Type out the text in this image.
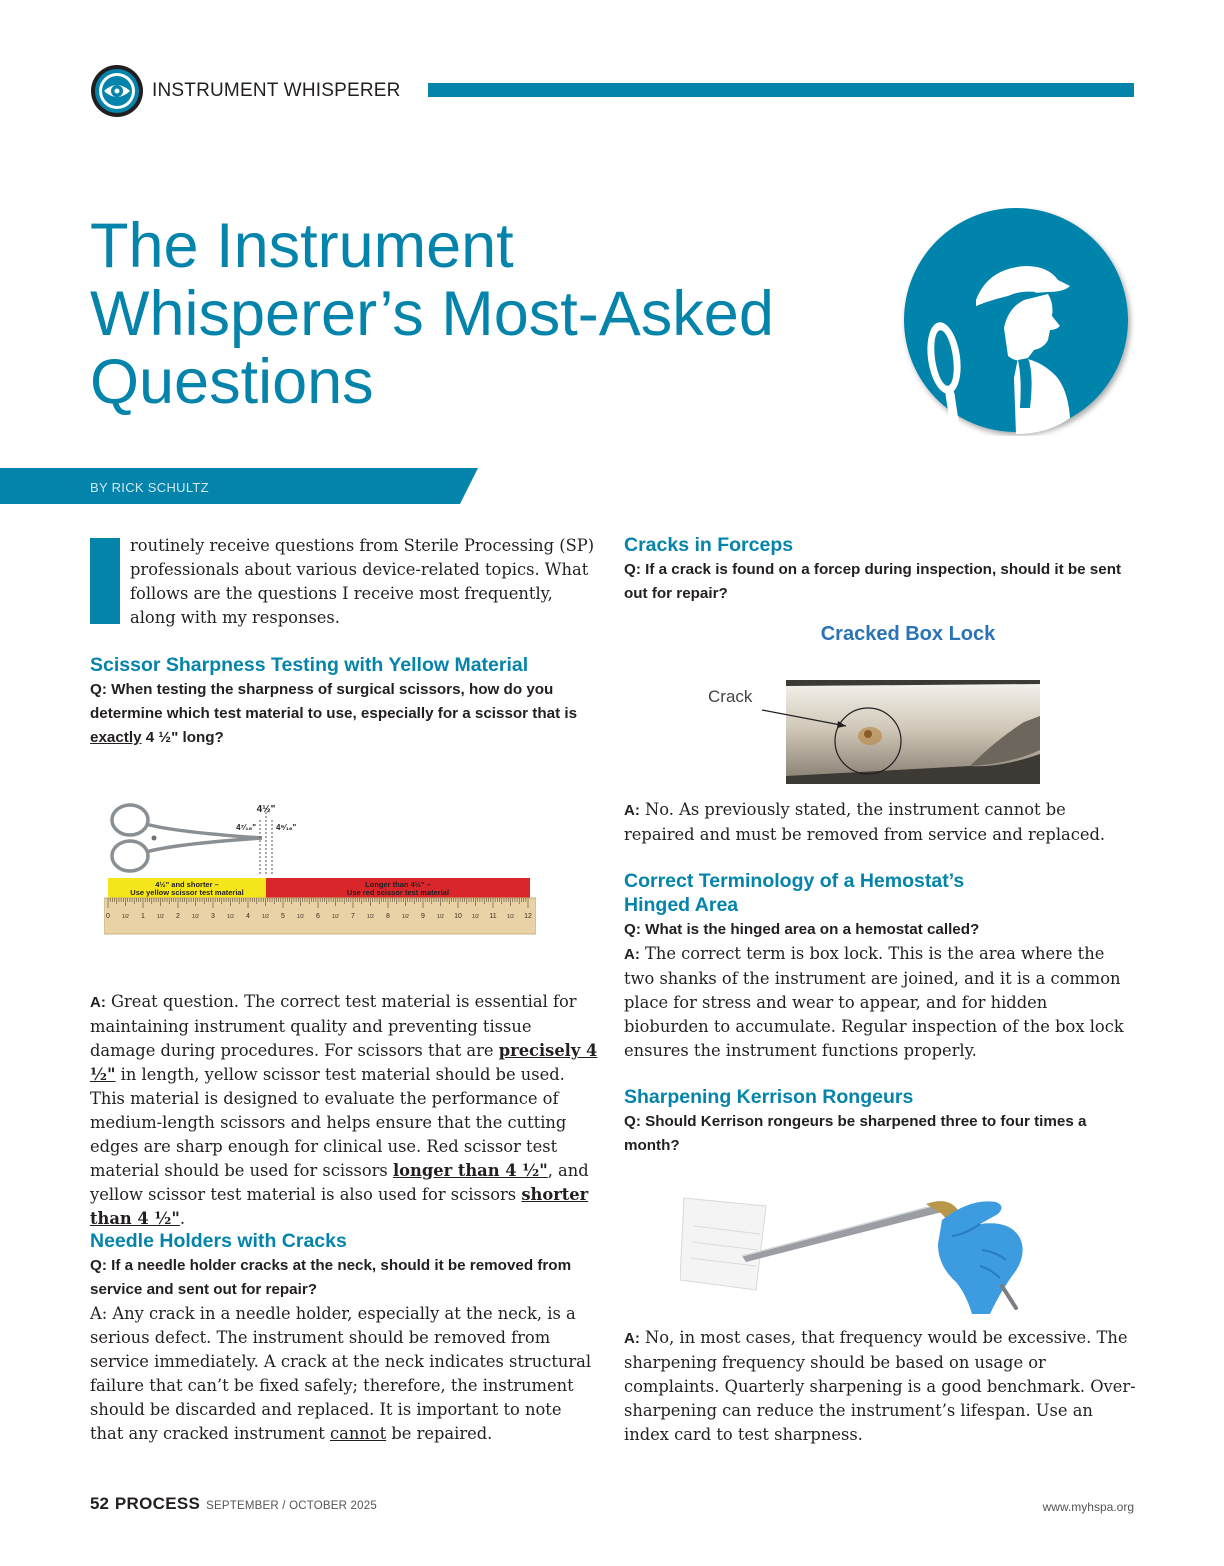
INSTRUMENT WHISPERER
The Instrument
Whisperer’s Most-Asked
Questions
BY RICK SCHULTZ

routinely receive questions from Sterile Processing (SP) professionals about various device-related topics. What follows are the questions I receive most frequently, along with my responses.

Scissor Sharpness Testing with Yellow Material

Q: When testing the sharpness of surgical scissors, how do you determine which test material to use, especially for a scissor that is exactly 4 ½" long?

4½"
4⁷⁄₁₆"	4⁹⁄₁₆"
4½" and shorter –
Use yellow scissor test material
Longer than 4½" –
Use red scissor test material
0 1/2 1 1/2 2 1/2 3 1/2 4 1/2 5 1/2 6 1/2 7 1/2 8 1/2 9 1/2 10 1/2 11 1/2 12

A: Great question. The correct test material is essential for maintaining instrument quality and preventing tissue damage during procedures. For scissors that are precisely 4 ½" in length, yellow scissor test material should be used. This material is designed to evaluate the performance of medium-length scissors and helps ensure that the cutting edges are sharp enough for clinical use. Red scissor test material should be used for scissors longer than 4 ½", and yellow scissor test material is also used for scissors shorter than 4 ½".

Needle Holders with Cracks

Q: If a needle holder cracks at the neck, should it be removed from service and sent out for repair?

A: Any crack in a needle holder, especially at the neck, is a serious defect. The instrument should be removed from service immediately. A crack at the neck indicates structural failure that can’t be fixed safely; therefore, the instrument should be discarded and replaced. It is important to note that any cracked instrument cannot be repaired.

Cracks in Forceps

Q: If a crack is found on a forcep during inspection, should it be sent out for repair?

Cracked Box Lock
Crack

A: No. As previously stated, the instrument cannot be repaired and must be removed from service and replaced.

Correct Terminology of a Hemostat’s
Hinged Area

Q: What is the hinged area on a hemostat called?

A: The correct term is box lock. This is the area where the two shanks of the instrument are joined, and it is a common place for stress and wear to appear, and for hidden bioburden to accumulate. Regular inspection of the box lock ensures the instrument functions properly.

Sharpening Kerrison Rongeurs

Q: Should Kerrison rongeurs be sharpened three to four times a month?

A: No, in most cases, that frequency would be excessive. The sharpening frequency should be based on usage or complaints. Quarterly sharpening is a good benchmark. Over-sharpening can reduce the instrument’s lifespan. Use an index card to test sharpness.

52 PROCESS SEPTEMBER / OCTOBER 2025	www.myhspa.org
